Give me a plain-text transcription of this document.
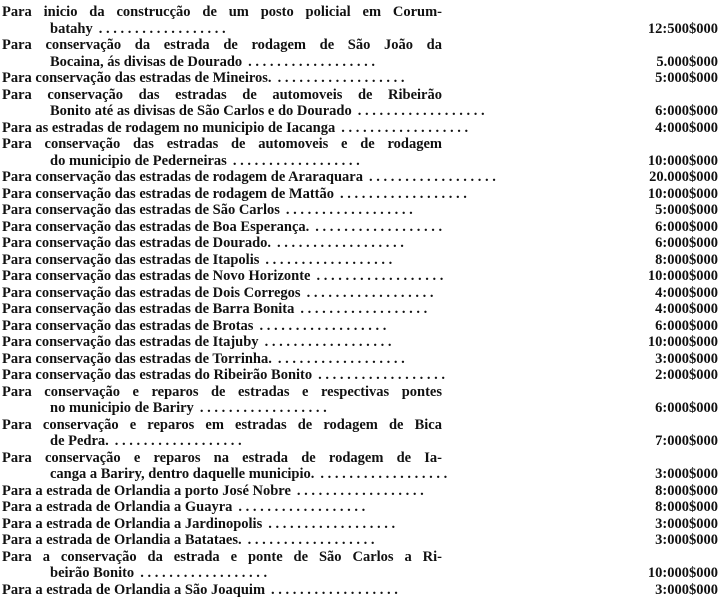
Para inicio da construcção de um posto policial em Corum-
batahy . . . . . . . . . . . . . . . . . .	12:500$000
Para conservação da estrada de rodagem de São João da
Bocaina, ás divisas de Dourado . . . . . . . . . . . . . . . . . .	5.000$000
Para conservação das estradas de Mineiros. . . . . . . . . . . . . . . . . . .	5:000$000
Para conservação das estradas de automoveis de Ribeirão
Bonito até as divisas de São Carlos e do Dourado . . . . . . . . . . . . . . . . . .	6:000$000
Para as estradas de rodagem no municipio de Iacanga . . . . . . . . . . . . . . . . . .	4:000$000
Para conservação das estradas de automoveis e de rodagem
do municipio de Pederneiras . . . . . . . . . . . . . . . . . .	10:000$000
Para conservação das estradas de rodagem de Araraquara . . . . . . . . . . . . . . . . . .	20.000$000
Para conservação das estradas de rodagem de Mattão . . . . . . . . . . . . . . . . . .	10:000$000
Para conservação das estradas de São Carlos . . . . . . . . . . . . . . . . . .	5:000$000
Para conservação das estradas de Boa Esperança. . . . . . . . . . . . . . . . . . .	6:000$000
Para conservação das estradas de Dourado. . . . . . . . . . . . . . . . . . .	6:000$000
Para conservação das estradas de Itapolis . . . . . . . . . . . . . . . . . .	8:000$000
Para conservação das estradas de Novo Horizonte . . . . . . . . . . . . . . . . . .	10:000$000
Para conservação das estradas de Dois Corregos . . . . . . . . . . . . . . . . . .	4:000$000
Para conservação das estradas de Barra Bonita . . . . . . . . . . . . . . . . . .	4:000$000
Para conservação das estradas de Brotas . . . . . . . . . . . . . . . . . .	6:000$000
Para conservação das estradas de Itajuby . . . . . . . . . . . . . . . . . .	10:000$000
Para conservação das estradas de Torrinha. . . . . . . . . . . . . . . . . . .	3:000$000
Para conservação das estradas do Ribeirão Bonito . . . . . . . . . . . . . . . . . .	2:000$000
Para conservação e reparos de estradas e respectivas pontes
no municipio de Bariry . . . . . . . . . . . . . . . . . .	6:000$000
Para conservação e reparos em estradas de rodagem de Bica
de Pedra. . . . . . . . . . . . . . . . . . .	7:000$000
Para conservação e reparos na estrada de rodagem de Ia-
canga a Bariry, dentro daquelle municipio. . . . . . . . . . . . . . . . . . .	3:000$000
Para a estrada de Orlandia a porto José Nobre . . . . . . . . . . . . . . . . . .	8:000$000
Para a estrada de Orlandia a Guayra . . . . . . . . . . . . . . . . . .	8:000$000
Para a estrada de Orlandia a Jardinopolis . . . . . . . . . . . . . . . . . .	3:000$000
Para a estrada de Orlandia a Batataes. . . . . . . . . . . . . . . . . . .	3:000$000
Para a conservação da estrada e ponte de São Carlos a Ri-
beirão Bonito . . . . . . . . . . . . . . . . . .	10:000$000
Para a estrada de Orlandia a São Joaquim . . . . . . . . . . . . . . . . . .	3:000$000
